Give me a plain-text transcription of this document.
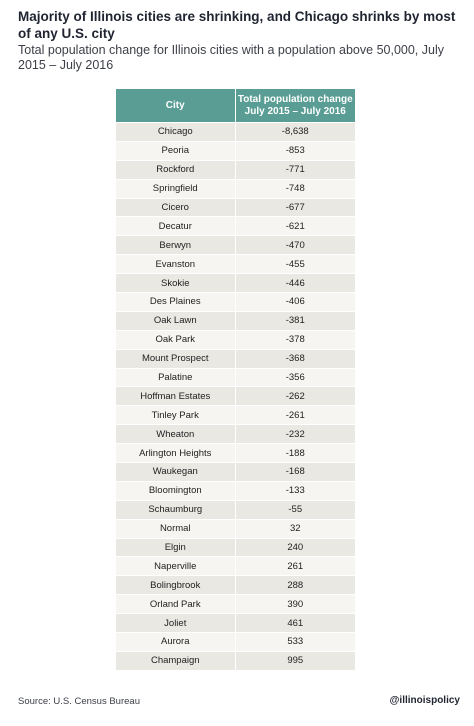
Majority of Illinois cities are shrinking, and Chicago shrinks by most of any U.S. city

Total population change for Illinois cities with a population above 50,000, July 2015 – July 2016

City	Total population change
July 2015 – July 2016
Chicago	-8,638
Peoria	-853
Rockford	-771
Springfield	-748
Cicero	-677
Decatur	-621
Berwyn	-470
Evanston	-455
Skokie	-446
Des Plaines	-406
Oak Lawn	-381
Oak Park	-378
Mount Prospect	-368
Palatine	-356
Hoffman Estates	-262
Tinley Park	-261
Wheaton	-232
Arlington Heights	-188
Waukegan	-168
Bloomington	-133
Schaumburg	-55
Normal	32
Elgin	240
Naperville	261
Bolingbrook	288
Orland Park	390
Joliet	461
Aurora	533
Champaign	995
Source: U.S. Census Bureau	@illinoispolicy
